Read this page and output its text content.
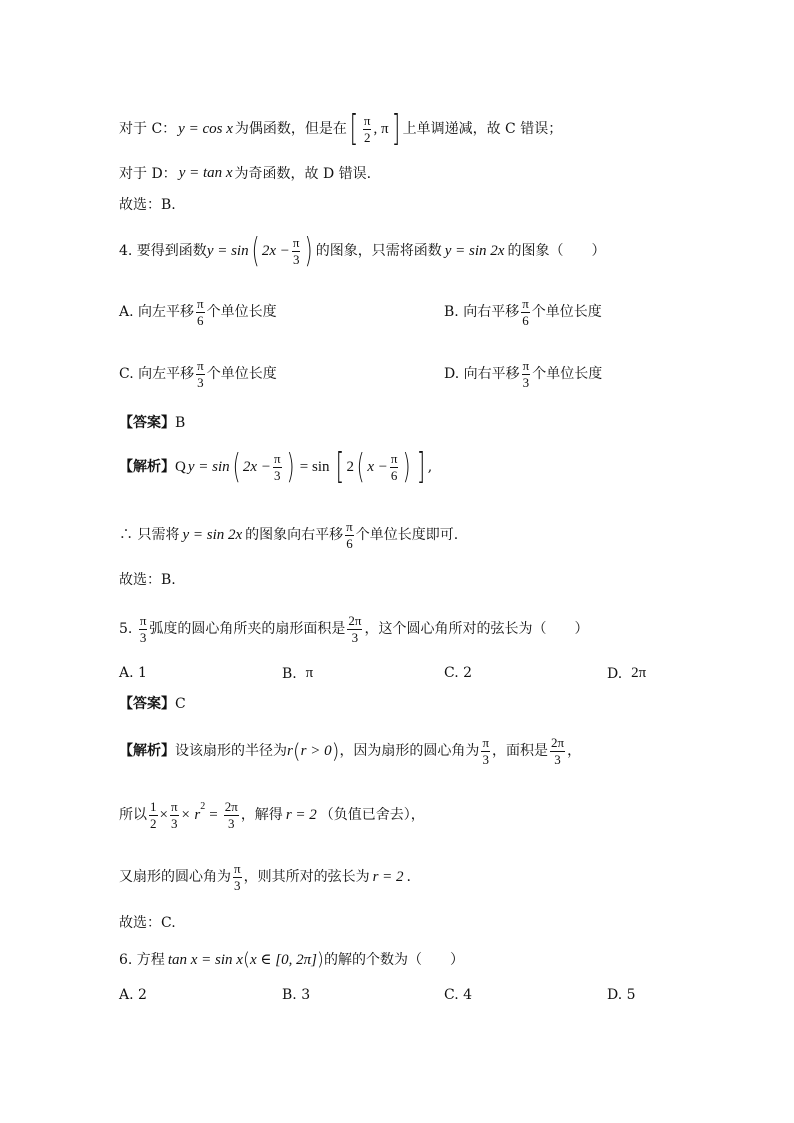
对于 C： y = cos x 为偶函数，但是在 [ $\frac{\pi}{2}$ , π ] 上单调递减，故 C 错误；
对于 D： y = tan x 为奇函数，故 D 错误.
故选：B.
4. 要得到函数 y = sin ( $2x - \frac{\pi}{3}$ ) 的图象，只需将函数 y = sin 2x 的图象（　　）
A.
向左平移 $\frac{\pi}{6}$ 个单位长度	B.
向右平移 $\frac{\pi}{6}$ 个单位长度
C.
向左平移 $\frac{\pi}{3}$ 个单位长度	D.
向右平移 $\frac{\pi}{3}$ 个单位长度
【答案】 B
【解析】 Q y = sin ( $2x - \frac{\pi}{3}$ ) = sin [ 2 ( $x - \frac{\pi}{6}$ ) ] ,
∴ 只需将 y = sin 2x 的图象向右平移 $\frac{\pi}{6}$ 个单位长度即可.
故选：B.
5.
$\frac{\pi}{3}$ 弧度的圆心角所夹的扇形面积是 $\frac{2\pi}{3}$ ，这个圆心角所对的弦长为（　　）
A.
1	B.
π	C.
2	D.
2π
【答案】 C
【解析】 设该扇形的半径为 r ( r > 0 ) ，因为扇形的圆心角为 $\frac{\pi}{3}$ ，面积是 $\frac{2\pi}{3}$ ，
所以 $\frac{1}{2} \times \frac{\pi}{3} \times r$
$^2$
= $\frac{2\pi}{3}$ ，解得 r = 2 （负值已舍去），
又扇形的圆心角为 $\frac{\pi}{3}$ ，则其所对的弦长为 r = 2 .
故选：C.
6. 方程 tan x = sin x ( x ∈ [0, 2π] ) 的解的个数为（　　）
A.
2	B.
3	C.
4	D.
5
